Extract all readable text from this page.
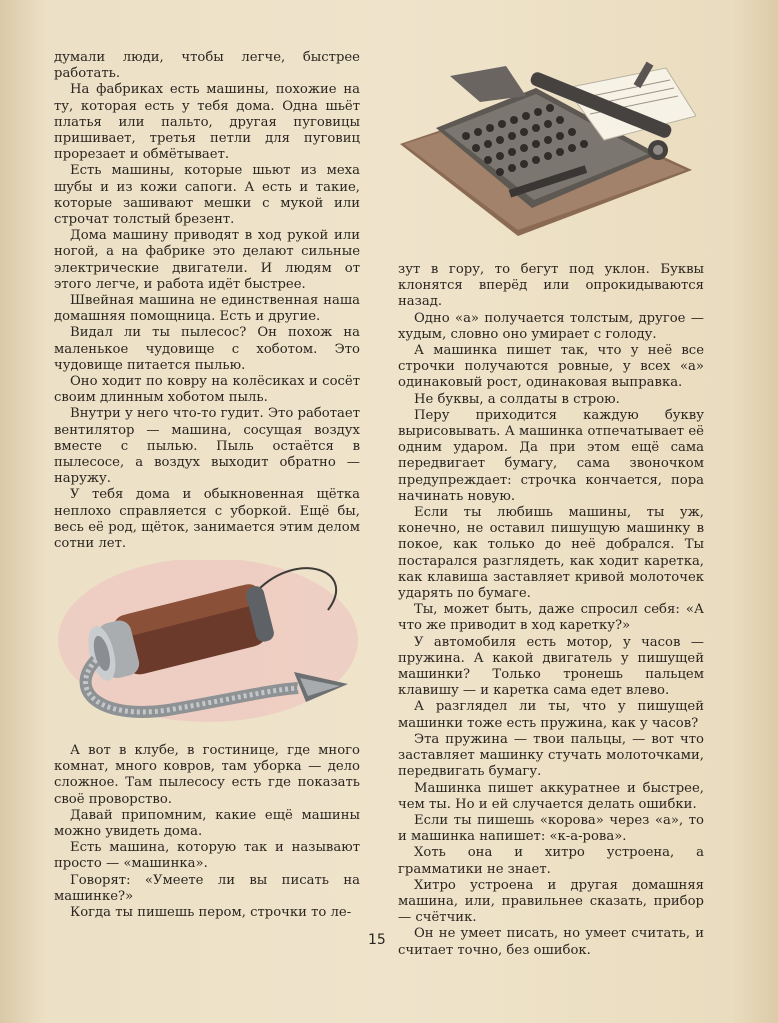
думали люди, чтобы легче, быстрее работать.

На фабриках есть машины, похожие на ту, которая есть у тебя дома. Одна шьёт платья или пальто, другая пуговицы пришивает, третья петли для пуговиц прорезает и обмётывает.

Есть машины, которые шьют из меха шубы и из кожи сапоги. А есть и такие, которые зашивают мешки с мукой или строчат толстый брезент.

Дома машину приводят в ход рукой или ногой, а на фабрике это делают сильные электрические двигатели. И людям от этого легче, и работа идёт быстрее.

Швейная машина не единственная наша домашняя помощница. Есть и другие.

Видал ли ты пылесос? Он похож на маленькое чудовище с хоботом. Это чудовище питается пылью.

Оно ходит по ковру на колёсиках и сосёт своим длинным хоботом пыль.

Внутри у него что-то гудит. Это работает вентилятор — машина, сосущая воздух вместе с пылью. Пыль остаётся в пылесосе, а воздух выходит обратно — наружу.

У тебя дома и обыкновенная щётка неплохо справляется с уборкой. Ещё бы, весь её род, щёток, занимается этим делом сотни лет.

А вот в клубе, в гостинице, где много комнат, много ковров, там уборка — дело сложное. Там пылесосу есть где показать своё проворство.

Давай припомним, какие ещё машины можно увидеть дома.

Есть машина, которую так и называют просто — «машинка».

Говорят: «Умеете ли вы писать на машинке?»

Когда ты пишешь пером, строчки то ле-

зут в гору, то бегут под уклон. Буквы клонятся вперёд или опрокидываются назад.

Одно «а» получается толстым, другое — худым, словно оно умирает с голоду.

А машинка пишет так, что у неё все строчки получаются ровные, у всех «а» одинаковый рост, одинаковая выправка.

Не буквы, а солдаты в строю.

Перу приходится каждую букву вырисовывать. А машинка отпечатывает её одним ударом. Да при этом ещё сама передвигает бумагу, сама звоночком предупреждает: строчка кончается, пора начинать новую.

Если ты любишь машины, ты уж, конечно, не оставил пишущую машинку в покое, как только до неё добрался. Ты постарался разглядеть, как ходит каретка, как клавиша заставляет кривой молоточек ударять по бумаге.

Ты, может быть, даже спросил себя: «А что же приводит в ход каретку?»

У автомобиля есть мотор, у часов — пружина. А какой двигатель у пишущей машинки? Только тронешь пальцем клавишу — и каретка сама едет влево.

А разглядел ли ты, что у пишущей машинки тоже есть пружина, как у часов?

Эта пружина — твои пальцы, — вот что заставляет машинку стучать молоточками, передвигать бумагу.

Машинка пишет аккуратнее и быстрее, чем ты. Но и ей случается делать ошибки.

Если ты пишешь «корова» через «а», то и машинка напишет: «к-а-рова».

Хоть она и хитро устроена, а грамматики не знает.

Хитро устроена и другая домашняя машина, или, правильнее сказать, прибор — счётчик.

Он не умеет писать, но умеет считать, и считает точно, без ошибок.

15
